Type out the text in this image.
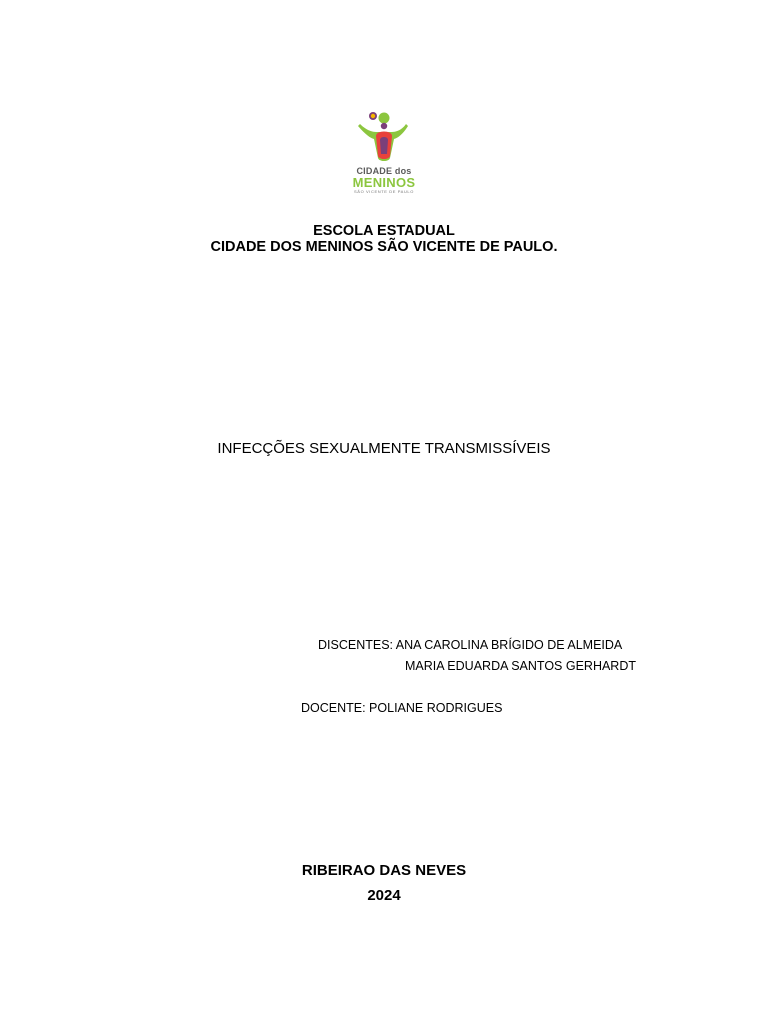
CIDADE dos
MENINOS
SÃO VICENTE DE PAULO
ESCOLA ESTADUAL
CIDADE DOS MENINOS SÃO VICENTE DE PAULO.
INFECÇÕES SEXUALMENTE TRANSMISSÍVEIS
DISCENTES: ANA CAROLINA BRÍGIDO DE ALMEIDA
MARIA EDUARDA SANTOS GERHARDT
DOCENTE: POLIANE RODRIGUES
RIBEIRAO DAS NEVES
2024
